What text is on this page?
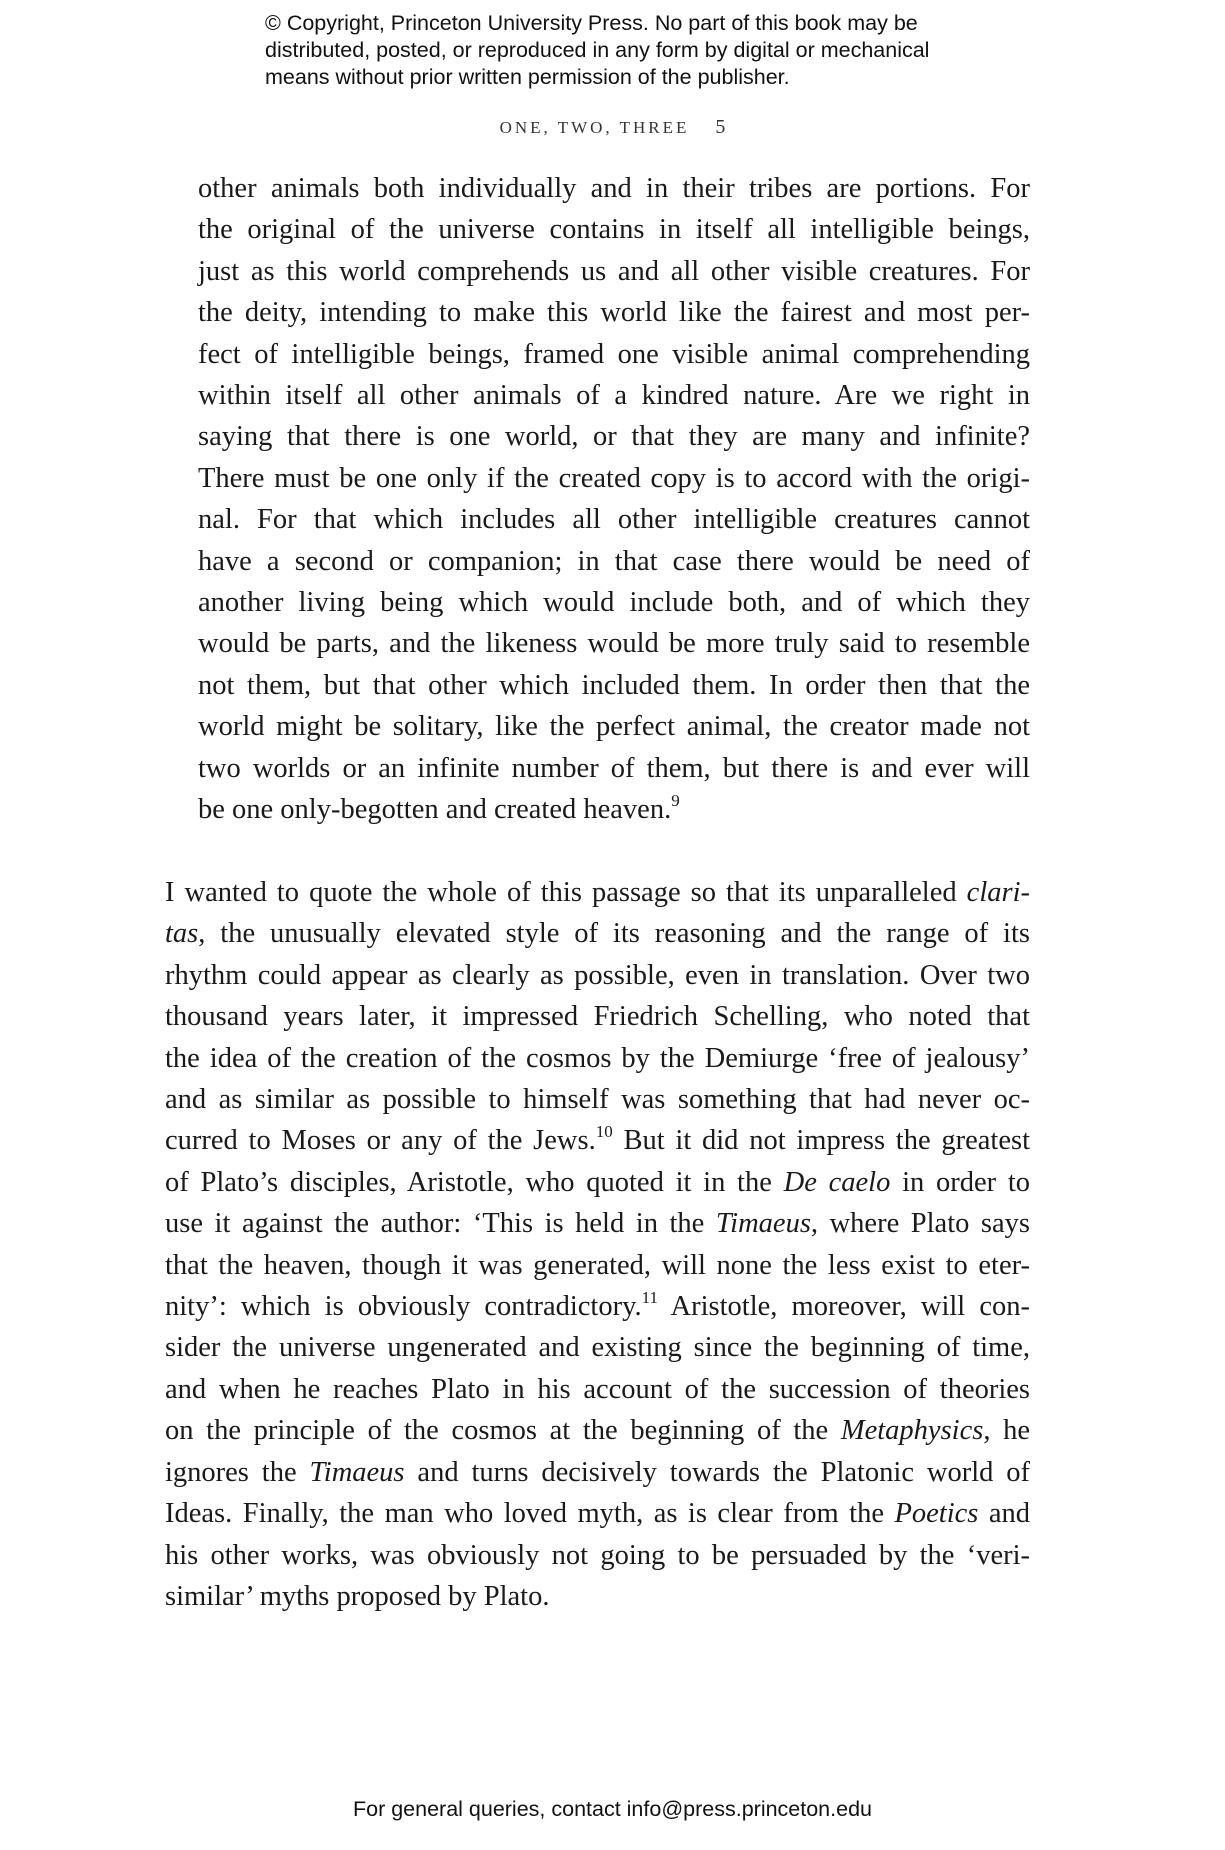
© Copyright, Princeton University Press. No part of this book may be
distributed, posted, or reproduced in any form by digital or mechanical
means without prior written permission of the publisher.
ONE, TWO, THREE 5
other animals both individually and in their tribes are portions. For
the original of the universe contains in itself all intelligible beings,
just as this world comprehends us and all other visible creatures. For
the deity, intending to make this world like the fairest and most per-
fect of intelligible beings, framed one visible animal comprehending
within itself all other animals of a kindred nature. Are we right in
saying that there is one world, or that they are many and infinite?
There must be one only if the created copy is to accord with the origi-
nal. For that which includes all other intelligible creatures cannot
have a second or companion; in that case there would be need of
another living being which would include both, and of which they
would be parts, and the likeness would be more truly said to resemble
not them, but that other which included them. In order then that the
world might be solitary, like the perfect animal, the creator made not
two worlds or an infinite number of them, but there is and ever will
be one only-begotten and created heaven.$^9$
I wanted to quote the whole of this passage so that its unparalleled clari-
tas, the unusually elevated style of its reasoning and the range of its
rhythm could appear as clearly as possible, even in translation. Over two
thousand years later, it impressed Friedrich Schelling, who noted that
the idea of the creation of the cosmos by the Demiurge ‘free of jealousy’
and as similar as possible to himself was something that had never oc-
curred to Moses or any of the Jews.$^{10}$ But it did not impress the greatest
of Plato’s disciples, Aristotle, who quoted it in the De caelo in order to
use it against the author: ‘This is held in the Timaeus, where Plato says
that the heaven, though it was generated, will none the less exist to eter-
nity’: which is obviously contradictory.$^{11}$ Aristotle, moreover, will con-
sider the universe ungenerated and existing since the beginning of time,
and when he reaches Plato in his account of the succession of theories
on the principle of the cosmos at the beginning of the Metaphysics, he
ignores the Timaeus and turns decisively towards the Platonic world of
Ideas. Finally, the man who loved myth, as is clear from the Poetics and
his other works, was obviously not going to be persuaded by the ‘veri-
similar’ myths proposed by Plato.
For general queries, contact info@press.princeton.edu
